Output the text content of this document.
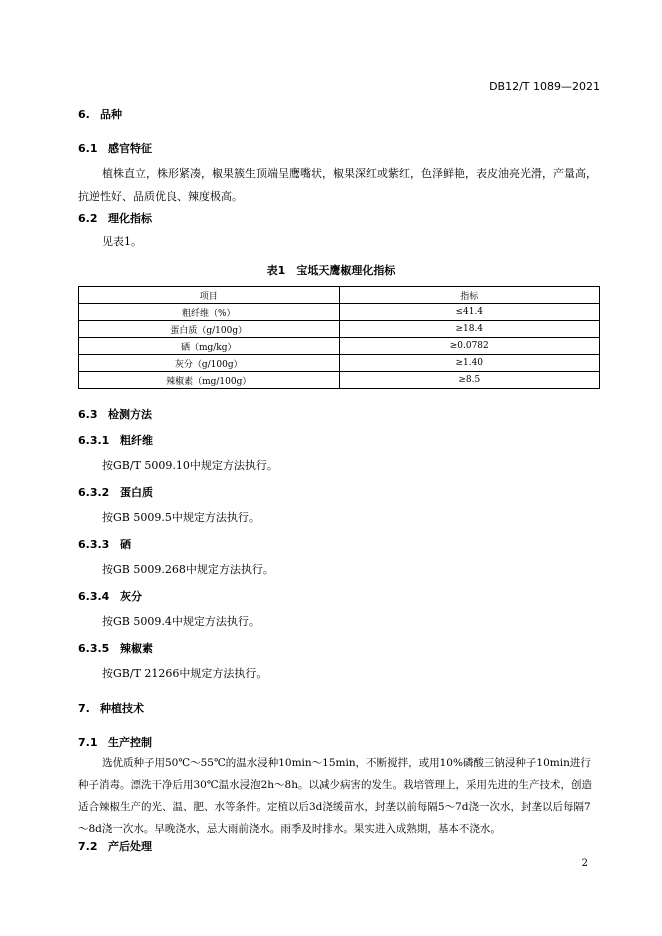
DB12/T 1089—2021
6. 品种
6.1 感官特征
植株直立，株形紧凑，椒果簇生顶端呈鹰嘴状，椒果深红或紫红，色泽鲜艳，表皮油亮光滑，产量高，抗逆性好、品质优良、辣度极高。
6.2 理化指标
见表1。
表1　宝坻天鹰椒理化指标
项目	指标
粗纤维（%）	≤41.4
蛋白质（g/100g）	≥18.4
硒（mg/kg）	≥0.0782
灰分（g/100g）	≥1.40
辣椒素（mg/100g）	≥8.5
6.3 检测方法
6.3.1 粗纤维
按GB/T 5009.10中规定方法执行。
6.3.2 蛋白质
按GB 5009.5中规定方法执行。
6.3.3 硒
按GB 5009.268中规定方法执行。
6.3.4 灰分
按GB 5009.4中规定方法执行。
6.3.5 辣椒素
按GB/T 21266中规定方法执行。
7. 种植技术
7.1 生产控制
选优质种子用50℃～55℃的温水浸种10min～15min，不断搅拌，或用10%磷酸三钠浸种子10min进行种子消毒。漂洗干净后用30℃温水浸泡2h～8h。以减少病害的发生。栽培管理上，采用先进的生产技术，创造适合辣椒生产的光、温、肥、水等条件。定植以后3d浇缓苗水，封垄以前每隔5～7d浇一次水，封垄以后每隔7～8d浇一次水。早晚浇水，忌大雨前浇水。雨季及时排水。果实进入成熟期，基本不浇水。
7.2 产后处理
2
